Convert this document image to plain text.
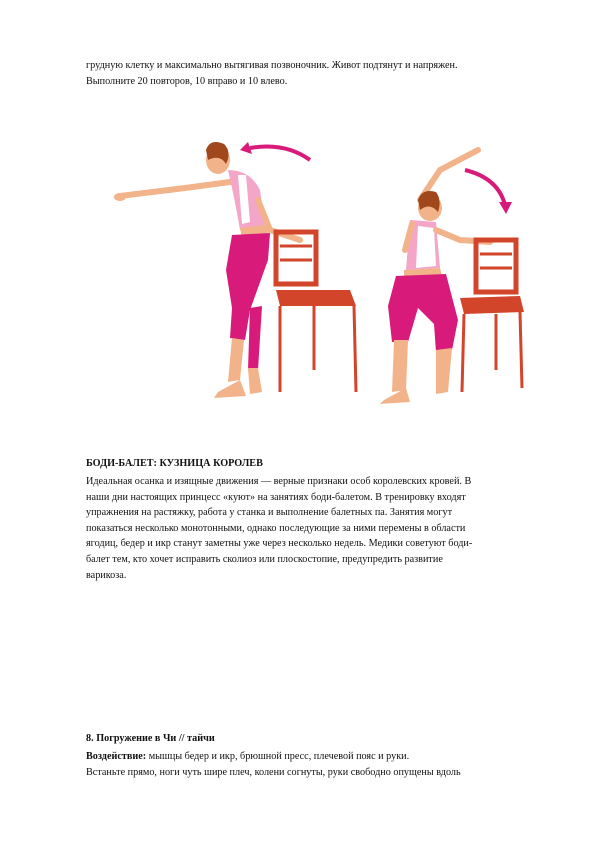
грудную клетку и максимально вытягивая позвоночник. Живот подтянут и напряжен.
Выполните 20 повторов, 10 вправо и 10 влево.

БОДИ-БАЛЕТ: КУЗНИЦА КОРОЛЕВ

Идеальная осанка и изящные движения — верные признаки особ королевских кровей. В
наши дни настоящих принцесс «куют» на занятиях боди-балетом. В тренировку входят
упражнения на растяжку, работа у станка и выполнение балетных па. Занятия могут
показаться несколько монотонными, однако последующие за ними перемены в области
ягодиц, бедер и икр станут заметны уже через несколько недель. Медики советуют боди-
балет тем, кто хочет исправить сколиоз или плоскостопие, предупредить развитие
варикоза.

8. Погружение в Чи // тайчи

Воздействие: мышцы бедер и икр, брюшной пресс, плечевой пояс и руки.
Встаньте прямо, ноги чуть шире плеч, колени согнуты, руки свободно опущены вдоль
